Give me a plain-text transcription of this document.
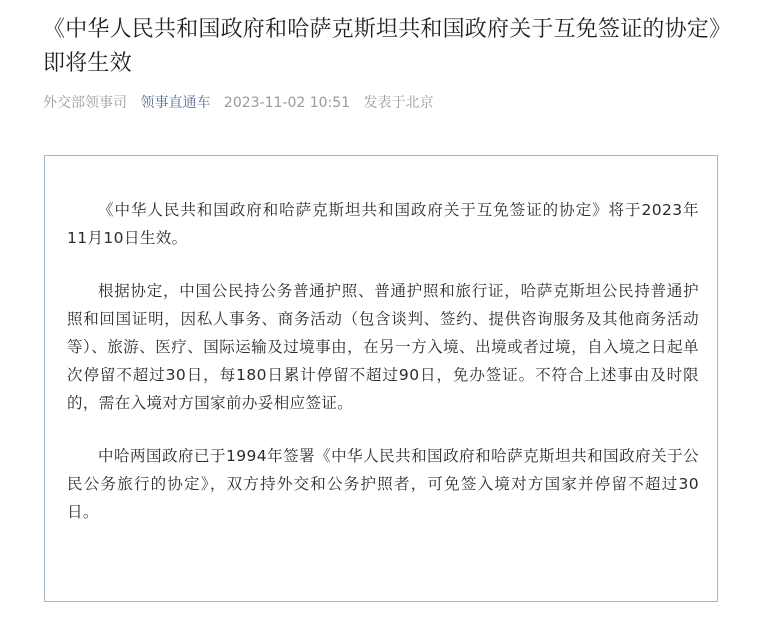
《中华人民共和国政府和哈萨克斯坦共和国政府关于互免签证的协定》即将生效
外交部领事司 领事直通车 2023-11-02 10:51 发表于北京

《中华人民共和国政府和哈萨克斯坦共和国政府关于互免签证的协定》将于2023年11月10日生效。

根据协定，中国公民持公务普通护照、普通护照和旅行证，哈萨克斯坦公民持普通护照和回国证明，因私人事务、商务活动（包含谈判、签约、提供咨询服务及其他商务活动等）、旅游、医疗、国际运输及过境事由，在另一方入境、出境或者过境，自入境之日起单次停留不超过30日，每180日累计停留不超过90日，免办签证。不符合上述事由及时限的，需在入境对方国家前办妥相应签证。

中哈两国政府已于1994年签署《中华人民共和国政府和哈萨克斯坦共和国政府关于公民公务旅行的协定》，双方持外交和公务护照者，可免签入境对方国家并停留不超过30日。
